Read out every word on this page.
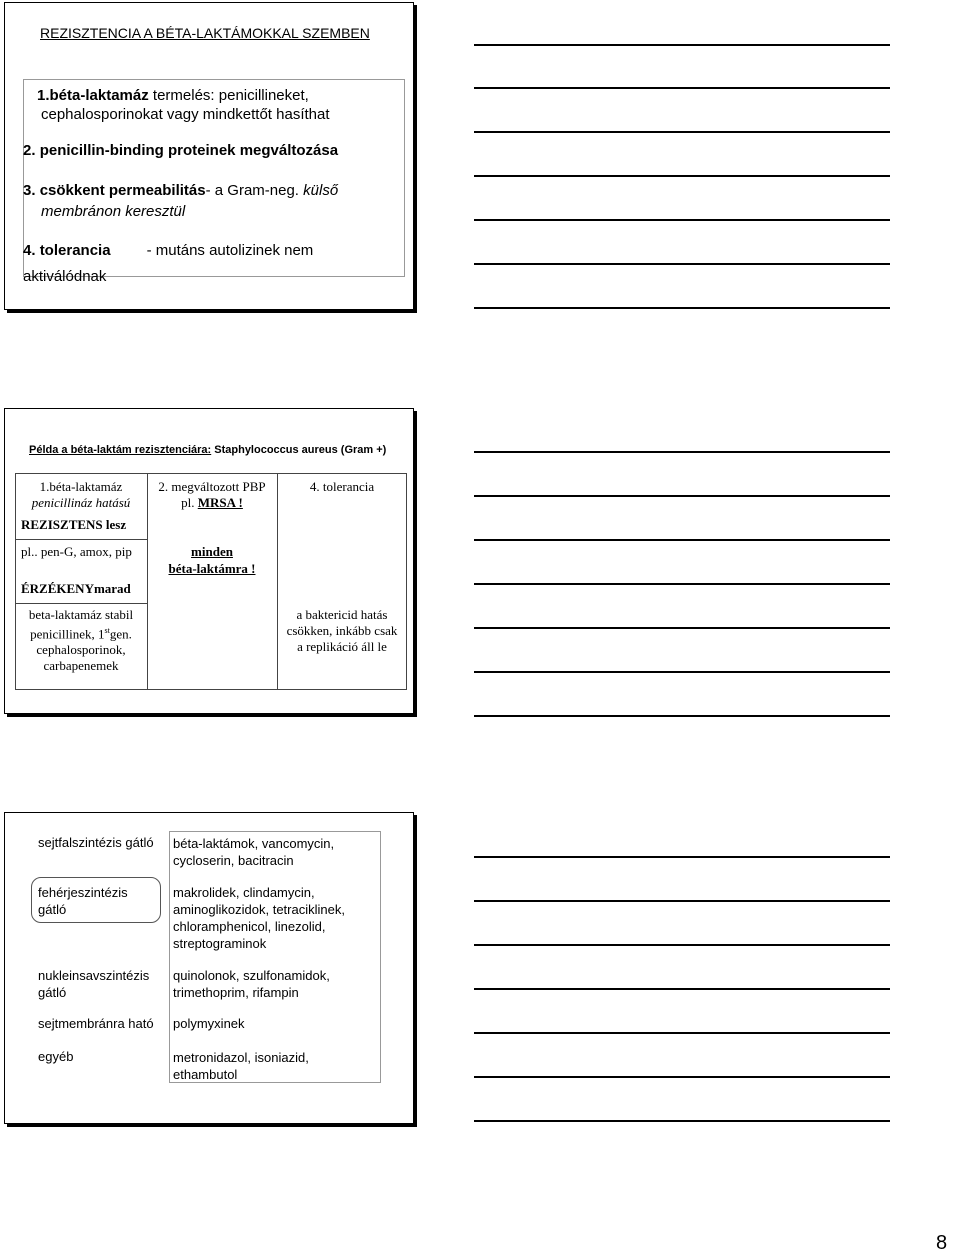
REZISZTENCIA A BÉTA-LAKTÁMOKKAL SZEMBEN
1.béta-laktamáz termelés: penicillineket,
cephalosporinokat vagy mindkettőt hasíthat
2. penicillin-binding proteinek megváltozása
3. csökkent permeabilitás- a Gram-neg. külső
membránon keresztül
4. tolerancia - mutáns autolizinek nem
aktiválódnak
Példa a béta-laktám rezisztenciára: Staphylococcus aureus (Gram +)
1.béta-laktamáz
penicillináz hatású
REZISZTENS lesz
pl.. pen-G, amox, pip
ÉRZÉKENYmarad
beta-laktamáz stabil
penicillinek, 1stgen.
cephalosporinok,
carbapenemek
2. megváltozott PBP
pl. MRSA !
minden
béta-laktámra !
4. tolerancia
a baktericid hatás
csökken, inkább csak
a replikáció áll le
sejtfalszintézis gátló béta-laktámok, vancomycin,
cycloserin, bacitracin
fehérjeszintézis
gátló
makrolidek, clindamycin,
aminoglikozidok, tetraciklinek,
chloramphenicol, linezolid,
streptograminok
nukleinsavszintézis
gátló
quinolonok, szulfonamidok,
trimethoprim, rifampin
sejtmembránra ható polymyxinek
egyéb	metronidazol, isoniazid,
ethambutol
8
